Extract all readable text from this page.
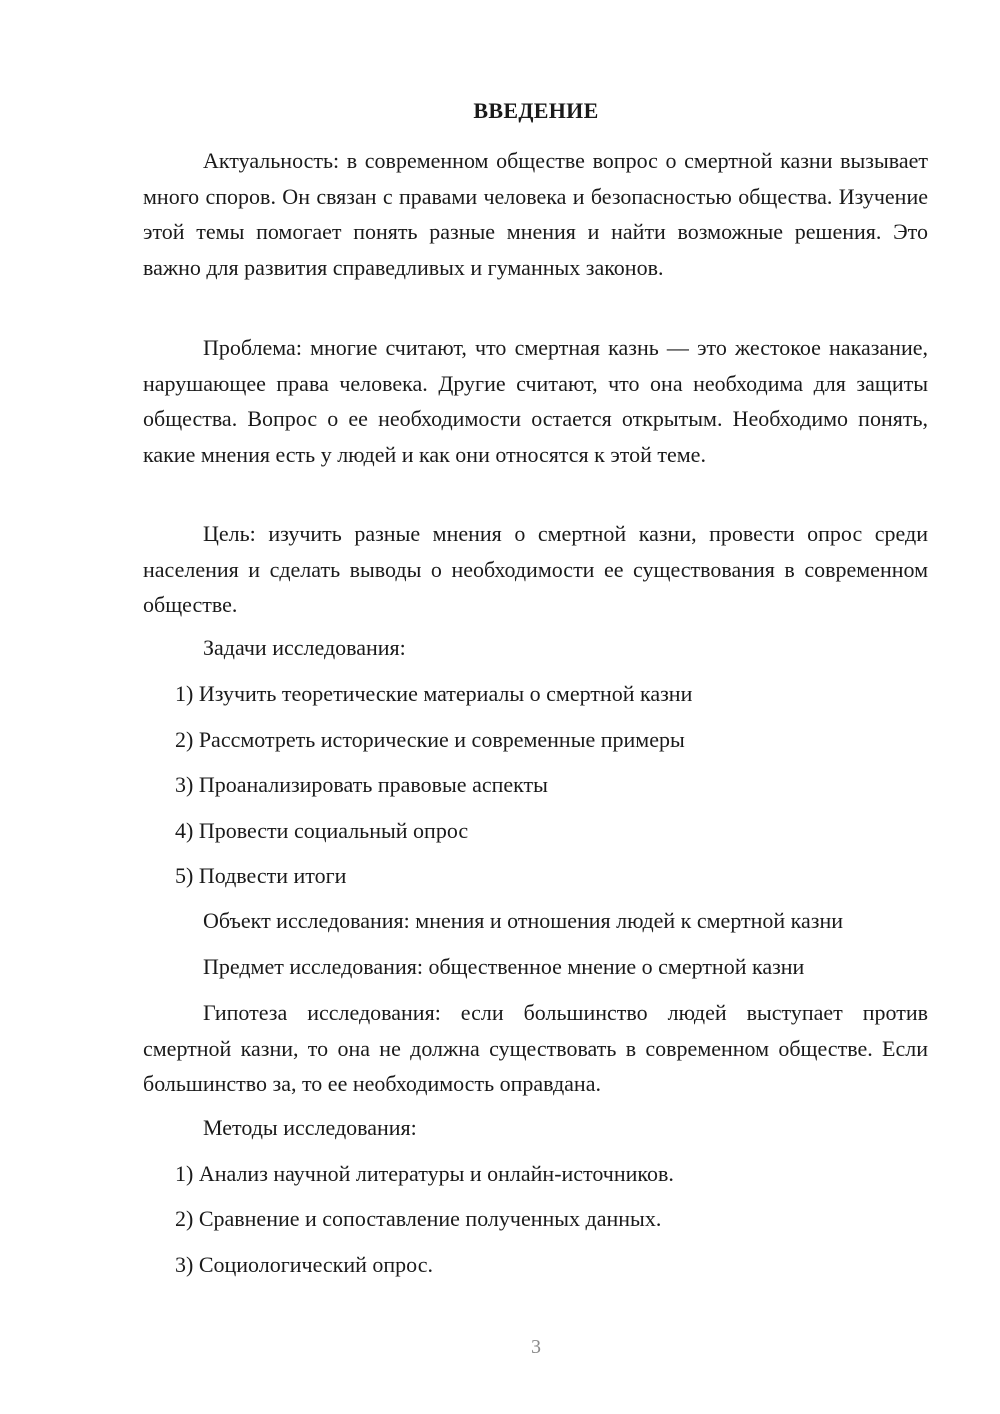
ВВЕДЕНИЕ

Актуальность: в современном обществе вопрос о смертной казни вызывает много споров. Он связан с правами человека и безопасностью общества. Изучение этой темы помогает понять разные мнения и найти возможные решения. Это важно для развития справедливых и гуманных законов.

Проблема: многие считают, что смертная казнь — это жестокое наказание, нарушающее права человека. Другие считают, что она необходима для защиты общества. Вопрос о ее необходимости остается открытым. Необходимо понять, какие мнения есть у людей и как они относятся к этой теме.

Цель: изучить разные мнения о смертной казни, провести опрос среди населения и сделать выводы о необходимости ее существования в современном обществе.

Задачи исследования:
1) Изучить теоретические материалы о смертной казни
2) Рассмотреть исторические и современные примеры
3) Проанализировать правовые аспекты
4) Провести социальный опрос
5) Подвести итоги
Объект исследования: мнения и отношения людей к смертной казни
Предмет исследования: общественное мнение о смертной казни

Гипотеза исследования: если большинство людей выступает против смертной казни, то она не должна существовать в современном обществе. Если большинство за, то ее необходимость оправдана.

Методы исследования:
1) Анализ научной литературы и онлайн-источников.
2) Сравнение и сопоставление полученных данных.
3) Социологический опрос.
3
